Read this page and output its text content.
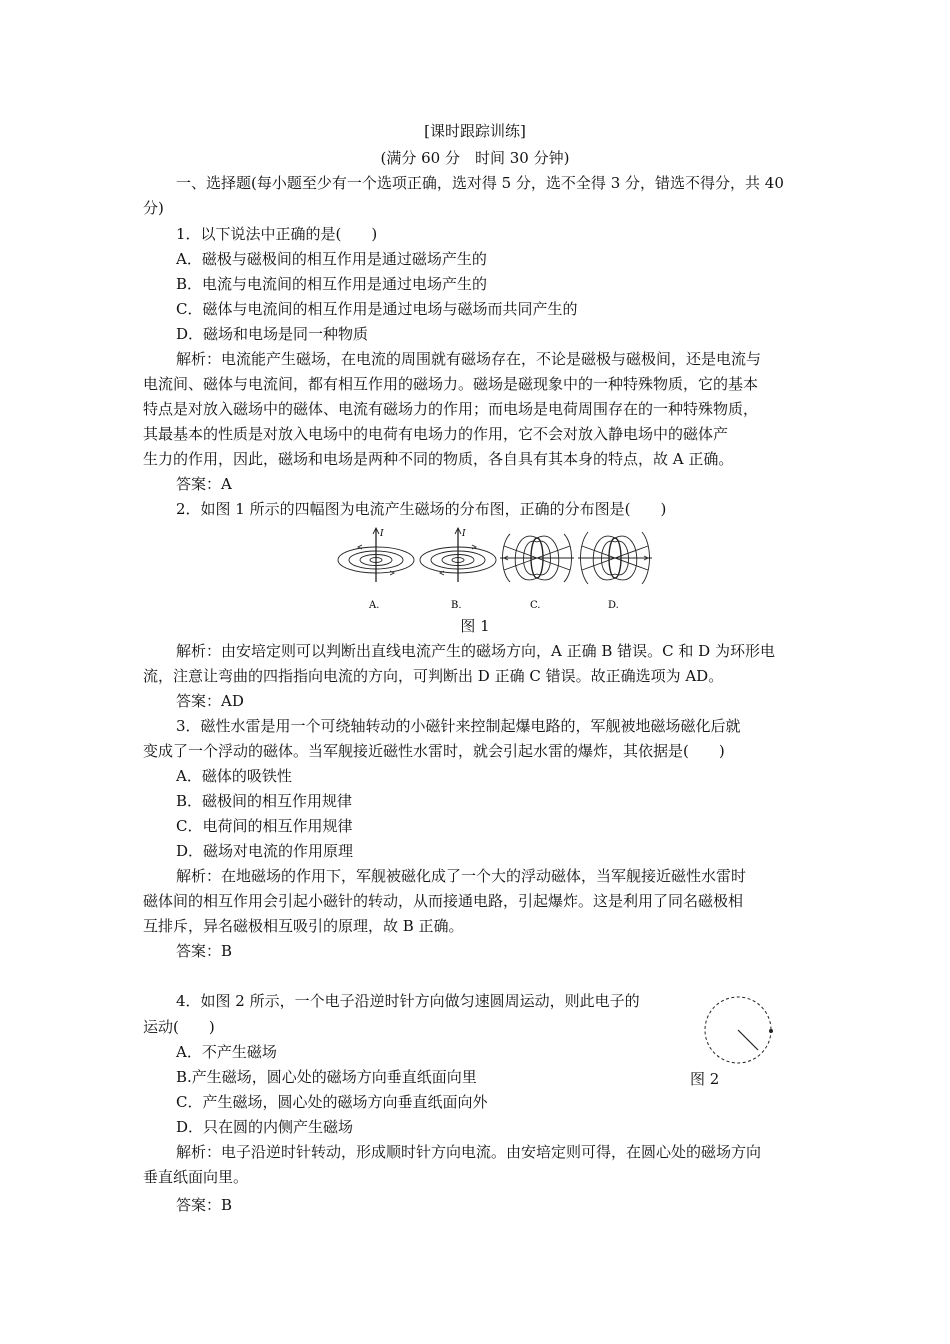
[课时跟踪训练]
(满分 60 分　时间 30 分钟)
一、选择题(每小题至少有一个选项正确，选对得 5 分，选不全得 3 分，错选不得分，共 40
分)
1．以下说法中正确的是(　　)
A．磁极与磁极间的相互作用是通过磁场产生的
B．电流与电流间的相互作用是通过电场产生的
C．磁体与电流间的相互作用是通过电场与磁场而共同产生的
D．磁场和电场是同一种物质
解析：电流能产生磁场，在电流的周围就有磁场存在，不论是磁极与磁极间，还是电流与
电流间、磁体与电流间，都有相互作用的磁场力。磁场是磁现象中的一种特殊物质，它的基本
特点是对放入磁场中的磁体、电流有磁场力的作用；而电场是电荷周围存在的一种特殊物质，
其最基本的性质是对放入电场中的电荷有电场力的作用，它不会对放入静电场中的磁体产
生力的作用，因此，磁场和电场是两种不同的物质，各自具有其本身的特点，故 A 正确。
答案：A
2．如图 1 所示的四幅图为电流产生磁场的分布图，正确的分布图是(　　)
I	I
A.	B.	C.	D.
图 1
解析：由安培定则可以判断出直线电流产生的磁场方向，A 正确 B 错误。C 和 D 为环形电
流，注意让弯曲的四指指向电流的方向，可判断出 D 正确 C 错误。故正确选项为 AD。
答案：AD
3．磁性水雷是用一个可绕轴转动的小磁针来控制起爆电路的，军舰被地磁场磁化后就
变成了一个浮动的磁体。当军舰接近磁性水雷时，就会引起水雷的爆炸，其依据是(　　)
A．磁体的吸铁性
B．磁极间的相互作用规律
C．电荷间的相互作用规律
D．磁场对电流的作用原理
解析：在地磁场的作用下，军舰被磁化成了一个大的浮动磁体，当军舰接近磁性水雷时
磁体间的相互作用会引起小磁针的转动，从而接通电路，引起爆炸。这是利用了同名磁极相
互排斥，异名磁极相互吸引的原理，故 B 正确。
答案：B
4．如图 2 所示，一个电子沿逆时针方向做匀速圆周运动，则此电子的
运动(　　)
A．不产生磁场
B.产生磁场，圆心处的磁场方向垂直纸面向里
C．产生磁场，圆心处的磁场方向垂直纸面向外
D．只在圆的内侧产生磁场
图 2
解析：电子沿逆时针转动，形成顺时针方向电流。由安培定则可得，在圆心处的磁场方向
垂直纸面向里。
答案：B
